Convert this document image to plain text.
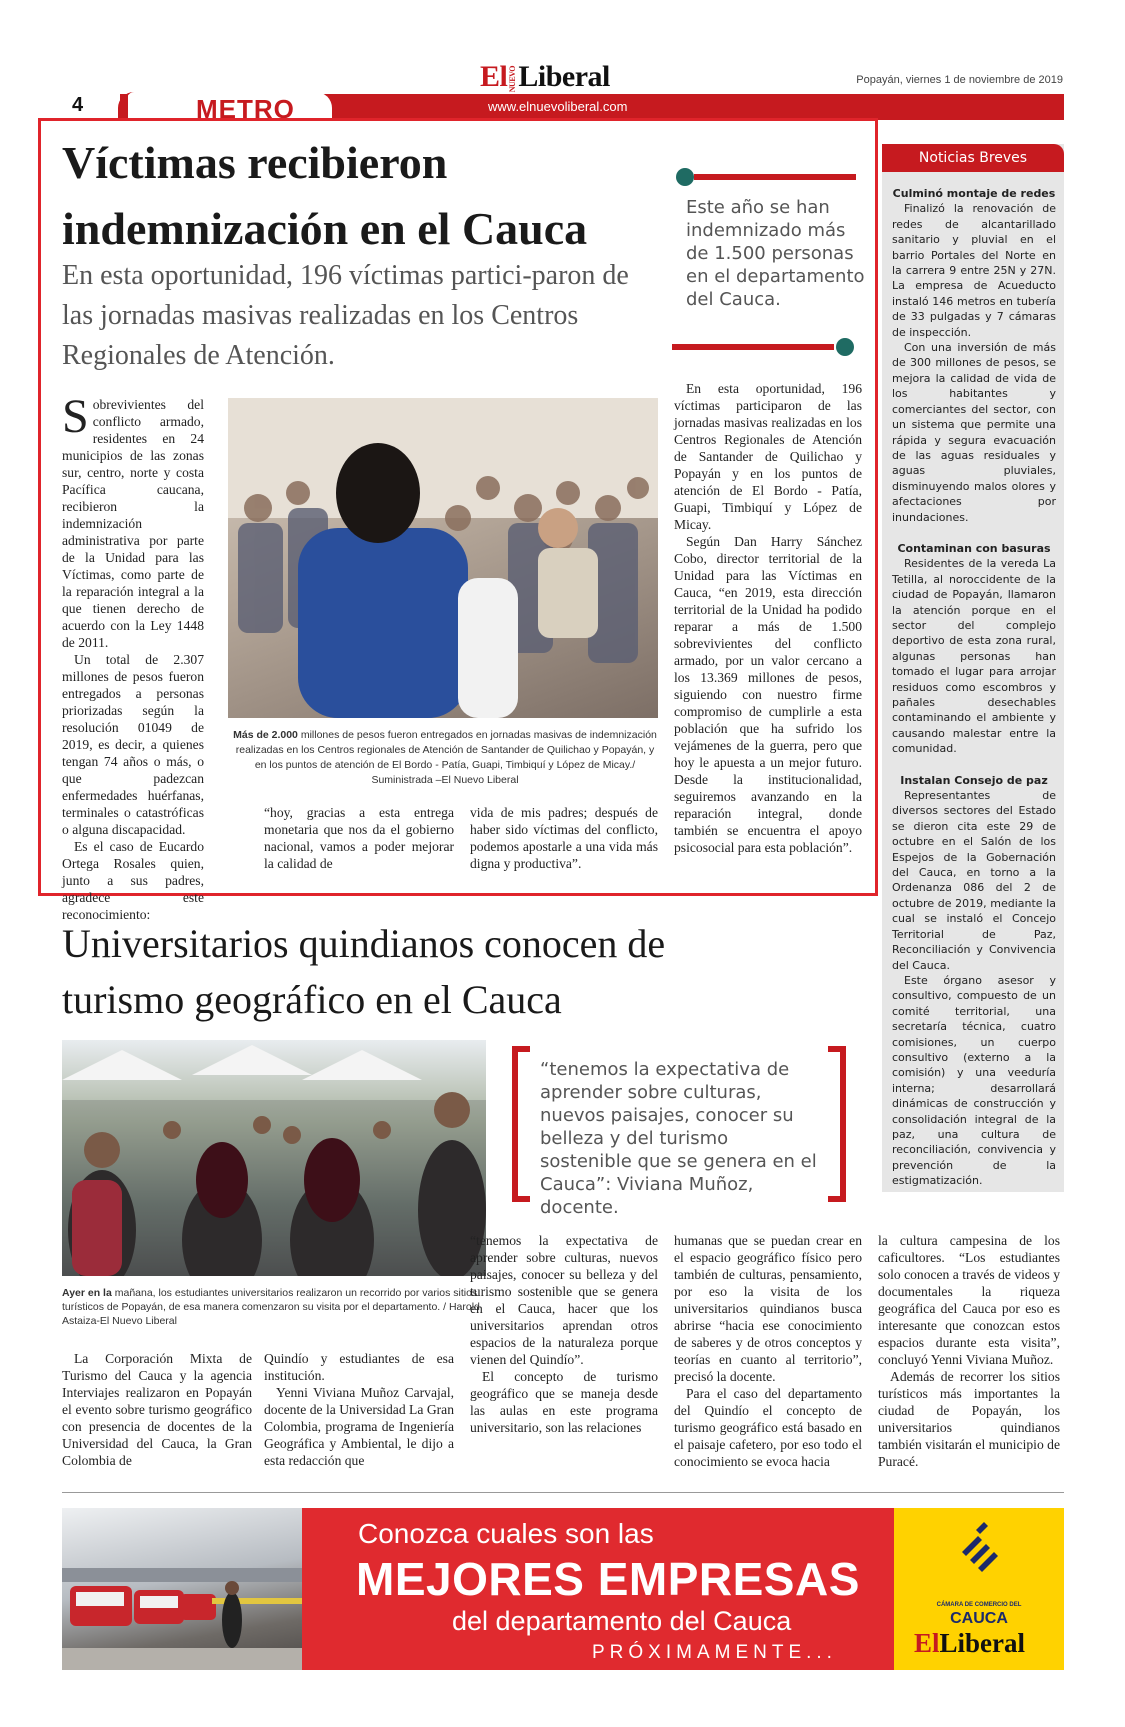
ElNUEVOLiberal	Popayán, viernes 1 de noviembre de 2019
4	METRO	www.elnuevoliberal.com
Víctimas recibieron indemnización en el Cauca
En esta oportunidad, 196 víctimas partici-paron de las jornadas masivas realizadas en los Centros Regionales de Atención.
Este año se han indemnizado más de 1.500 personas en el departamento del Cauca.
Sobrevivientes del conflicto armado, residentes en 24 municipios de las zonas sur, centro, norte y costa Pacífica caucana, recibieron la indemnización administrativa por parte de la Unidad para las Víctimas, como parte de la reparación integral a la que tienen derecho de acuerdo con la Ley 1448 de 2011.

Un total de 2.307 millones de pesos fueron entregados a personas priorizadas según la resolución 01049 de 2019, es decir, a quienes tengan 74 años o más, o que padezcan enfermedades huérfanas, terminales o catastróficas o alguna discapacidad.

Es el caso de Eucardo Ortega Rosales quien, junto a sus padres, agradece este reconocimiento:

Más de 2.000 millones de pesos fueron entregados en jornadas masivas de indemnización realizadas en los Centros regionales de Atención de Santander de Quilichao y Popayán, y en los puntos de atención de El Bordo - Patía, Guapi, Timbiquí y López de Micay./ Suministrada –El Nuevo Liberal
“hoy, gracias a esta entrega monetaria que nos da el gobierno nacional, vamos a poder mejorar la calidad de
vida de mis padres; después de haber sido víctimas del conflicto, podemos apostarle a una vida más digna y productiva”.

En esta oportunidad, 196 víctimas participaron de las jornadas masivas realizadas en los Centros Regionales de Atención de Santander de Quilichao y Popayán y en los puntos de atención de El Bordo - Patía, Guapi, Timbiquí y López de Micay.

Según Dan Harry Sánchez Cobo, director territorial de la Unidad para las Víctimas en Cauca, “en 2019, esta dirección territorial de la Unidad ha podido reparar a más de 1.500 sobrevivientes del conflicto armado, por un valor cercano a los 13.369 millones de pesos, siguiendo con nuestro firme compromiso de cumplirle a esta población que ha sufrido los vejámenes de la guerra, pero que hoy le apuesta a un mejor futuro. Desde la institucionalidad, seguiremos avanzando en la reparación integral, donde también se encuentra el apoyo psicosocial para esta población”.

Noticias Breves
Culminó montaje de redes

Finalizó la renovación de redes de alcantarillado sanitario y pluvial en el barrio Portales del Norte en la carrera 9 entre 25N y 27N. La empresa de Acueducto instaló 146 metros en tubería de 33 pulgadas y 7 cámaras de inspección.

Con una inversión de más de 300 millones de pesos, se mejora la calidad de vida de los habitantes y comerciantes del sector, con un sistema que permite una rápida y segura evacuación de las aguas residuales y aguas pluviales, disminuyendo malos olores y afectaciones por inundaciones.

Contaminan con basuras

Residentes de la vereda La Tetilla, al noroccidente de la ciudad de Popayán, llamaron la atención porque en el sector del complejo deportivo de esta zona rural, algunas personas han tomado el lugar para arrojar residuos como escombros y pañales desechables contaminando el ambiente y causando malestar entre la comunidad.

Instalan Consejo de paz

Representantes de diversos sectores del Estado se dieron cita este 29 de octubre en el Salón de los Espejos de la Gobernación del Cauca, en torno a la Ordenanza 086 del 2 de octubre de 2019, mediante la cual se instaló el Concejo Territorial de Paz, Reconciliación y Convivencia del Cauca.

Este órgano asesor y consultivo, compuesto de un comité territorial, una secretaría técnica, cuatro comisiones, un cuerpo consultivo (externo a la comisión) y una veeduría interna; desarrollará dinámicas de construcción y consolidación integral de la paz, una cultura de reconciliación, convivencia y prevención de la estigmatización.

Universitarios quindianos conocen de turismo geográfico en el Cauca
Ayer en la mañana, los estudiantes universitarios realizaron un recorrido por varios sitios turísticos de Popayán, de esa manera comenzaron su visita por el departamento. / Harold Astaiza-El Nuevo Liberal
“tenemos la expectativa de aprender sobre culturas, nuevos paisajes, conocer su belleza y del turismo sostenible que se genera en el Cauca”: Viviana Muñoz, docente.

La Corporación Mixta de Turismo del Cauca y la agencia Interviajes realizaron en Popayán el evento sobre turismo geográfico con presencia de docentes de la Universidad del Cauca, la Gran Colombia de

Quindío y estudiantes de esa institución.

Yenni Viviana Muñoz Carvajal, docente de la Universidad La Gran Colombia, programa de Ingeniería Geográfica y Ambiental, le dijo a esta redacción que

“tenemos la expectativa de aprender sobre culturas, nuevos paisajes, conocer su belleza y del turismo sostenible que se genera en el Cauca, hacer que los universitarios aprendan otros espacios de la naturaleza porque vienen del Quindío”.

El concepto de turismo geográfico que se maneja desde las aulas en este programa universitario, son las relaciones

humanas que se puedan crear en el espacio geográfico físico pero también de culturas, pensamiento, por eso la visita de los universitarios quindianos busca abrirse “hacia ese conocimiento de saberes y de otros conceptos y teorías en cuanto al territorio”, precisó la docente.

Para el caso del departamento del Quindío el concepto de turismo geográfico está basado en el paisaje cafetero, por eso todo el conocimiento se evoca hacia

la cultura campesina de los caficultores. “Los estudiantes solo conocen a través de videos y documentales la riqueza geográfica del Cauca por eso es interesante que conozcan estos espacios durante esta visita”, concluyó Yenni Viviana Muñoz.

Además de recorrer los sitios turísticos más importantes la ciudad de Popayán, los universitarios quindianos también visitarán el municipio de Puracé.

Conozca cuales son las
MEJORES EMPRESAS
del departamento del Cauca
PRÓXIMAMENTE...
CÁMARA DE COMERCIO DEL
CAUCA
ElLiberal
